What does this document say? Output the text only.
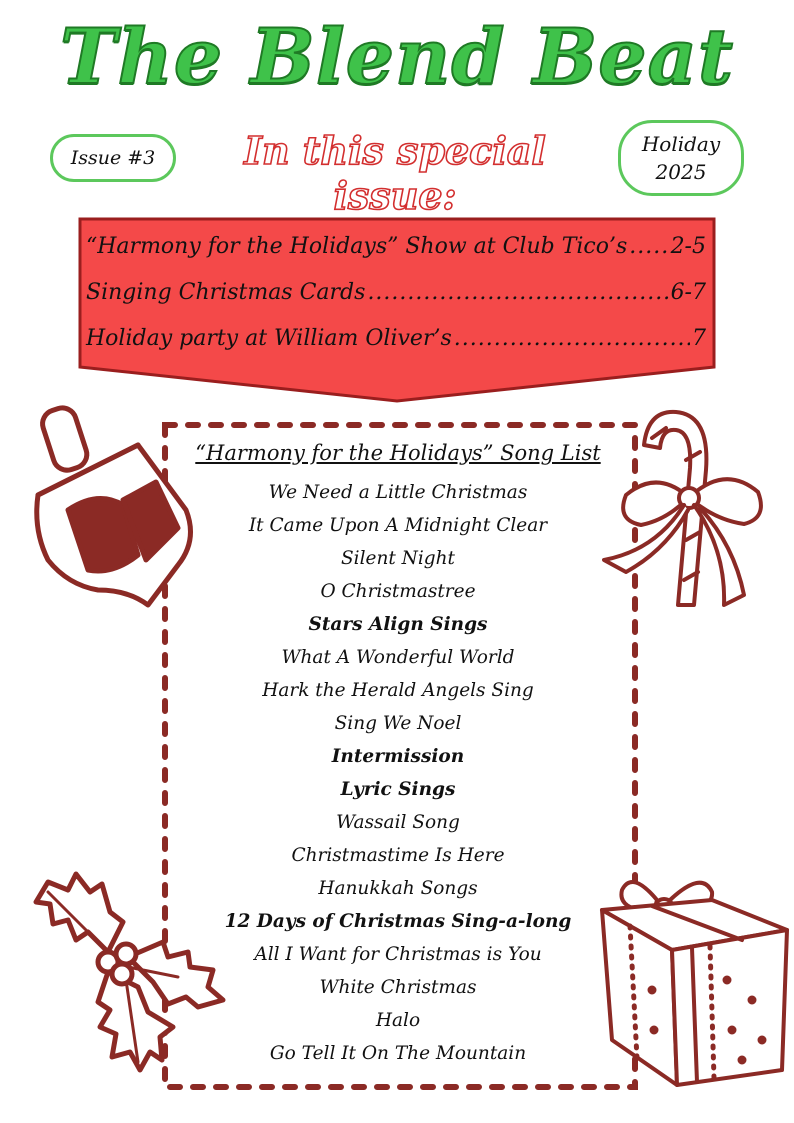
The Blend Beat
Issue #3	In this special issue:
Holiday
2025
“Harmony for the Holidays” Show at Club Tico’s ..... 2-5
Singing Christmas Cards .....	6-7
Holiday party at William Oliver’s .....	7
“Harmony for the Holidays” Song List
We Need a Little Christmas
It Came Upon A Midnight Clear
Silent Night
O Christmastree
Stars Align Sings
What A Wonderful World
Hark the Herald Angels Sing
Sing We Noel
Intermission
Lyric Sings
Wassail Song
Christmastime Is Here
Hanukkah Songs
12 Days of Christmas Sing-a-long
All I Want for Christmas is You
White Christmas
Halo
Go Tell It On The Mountain
